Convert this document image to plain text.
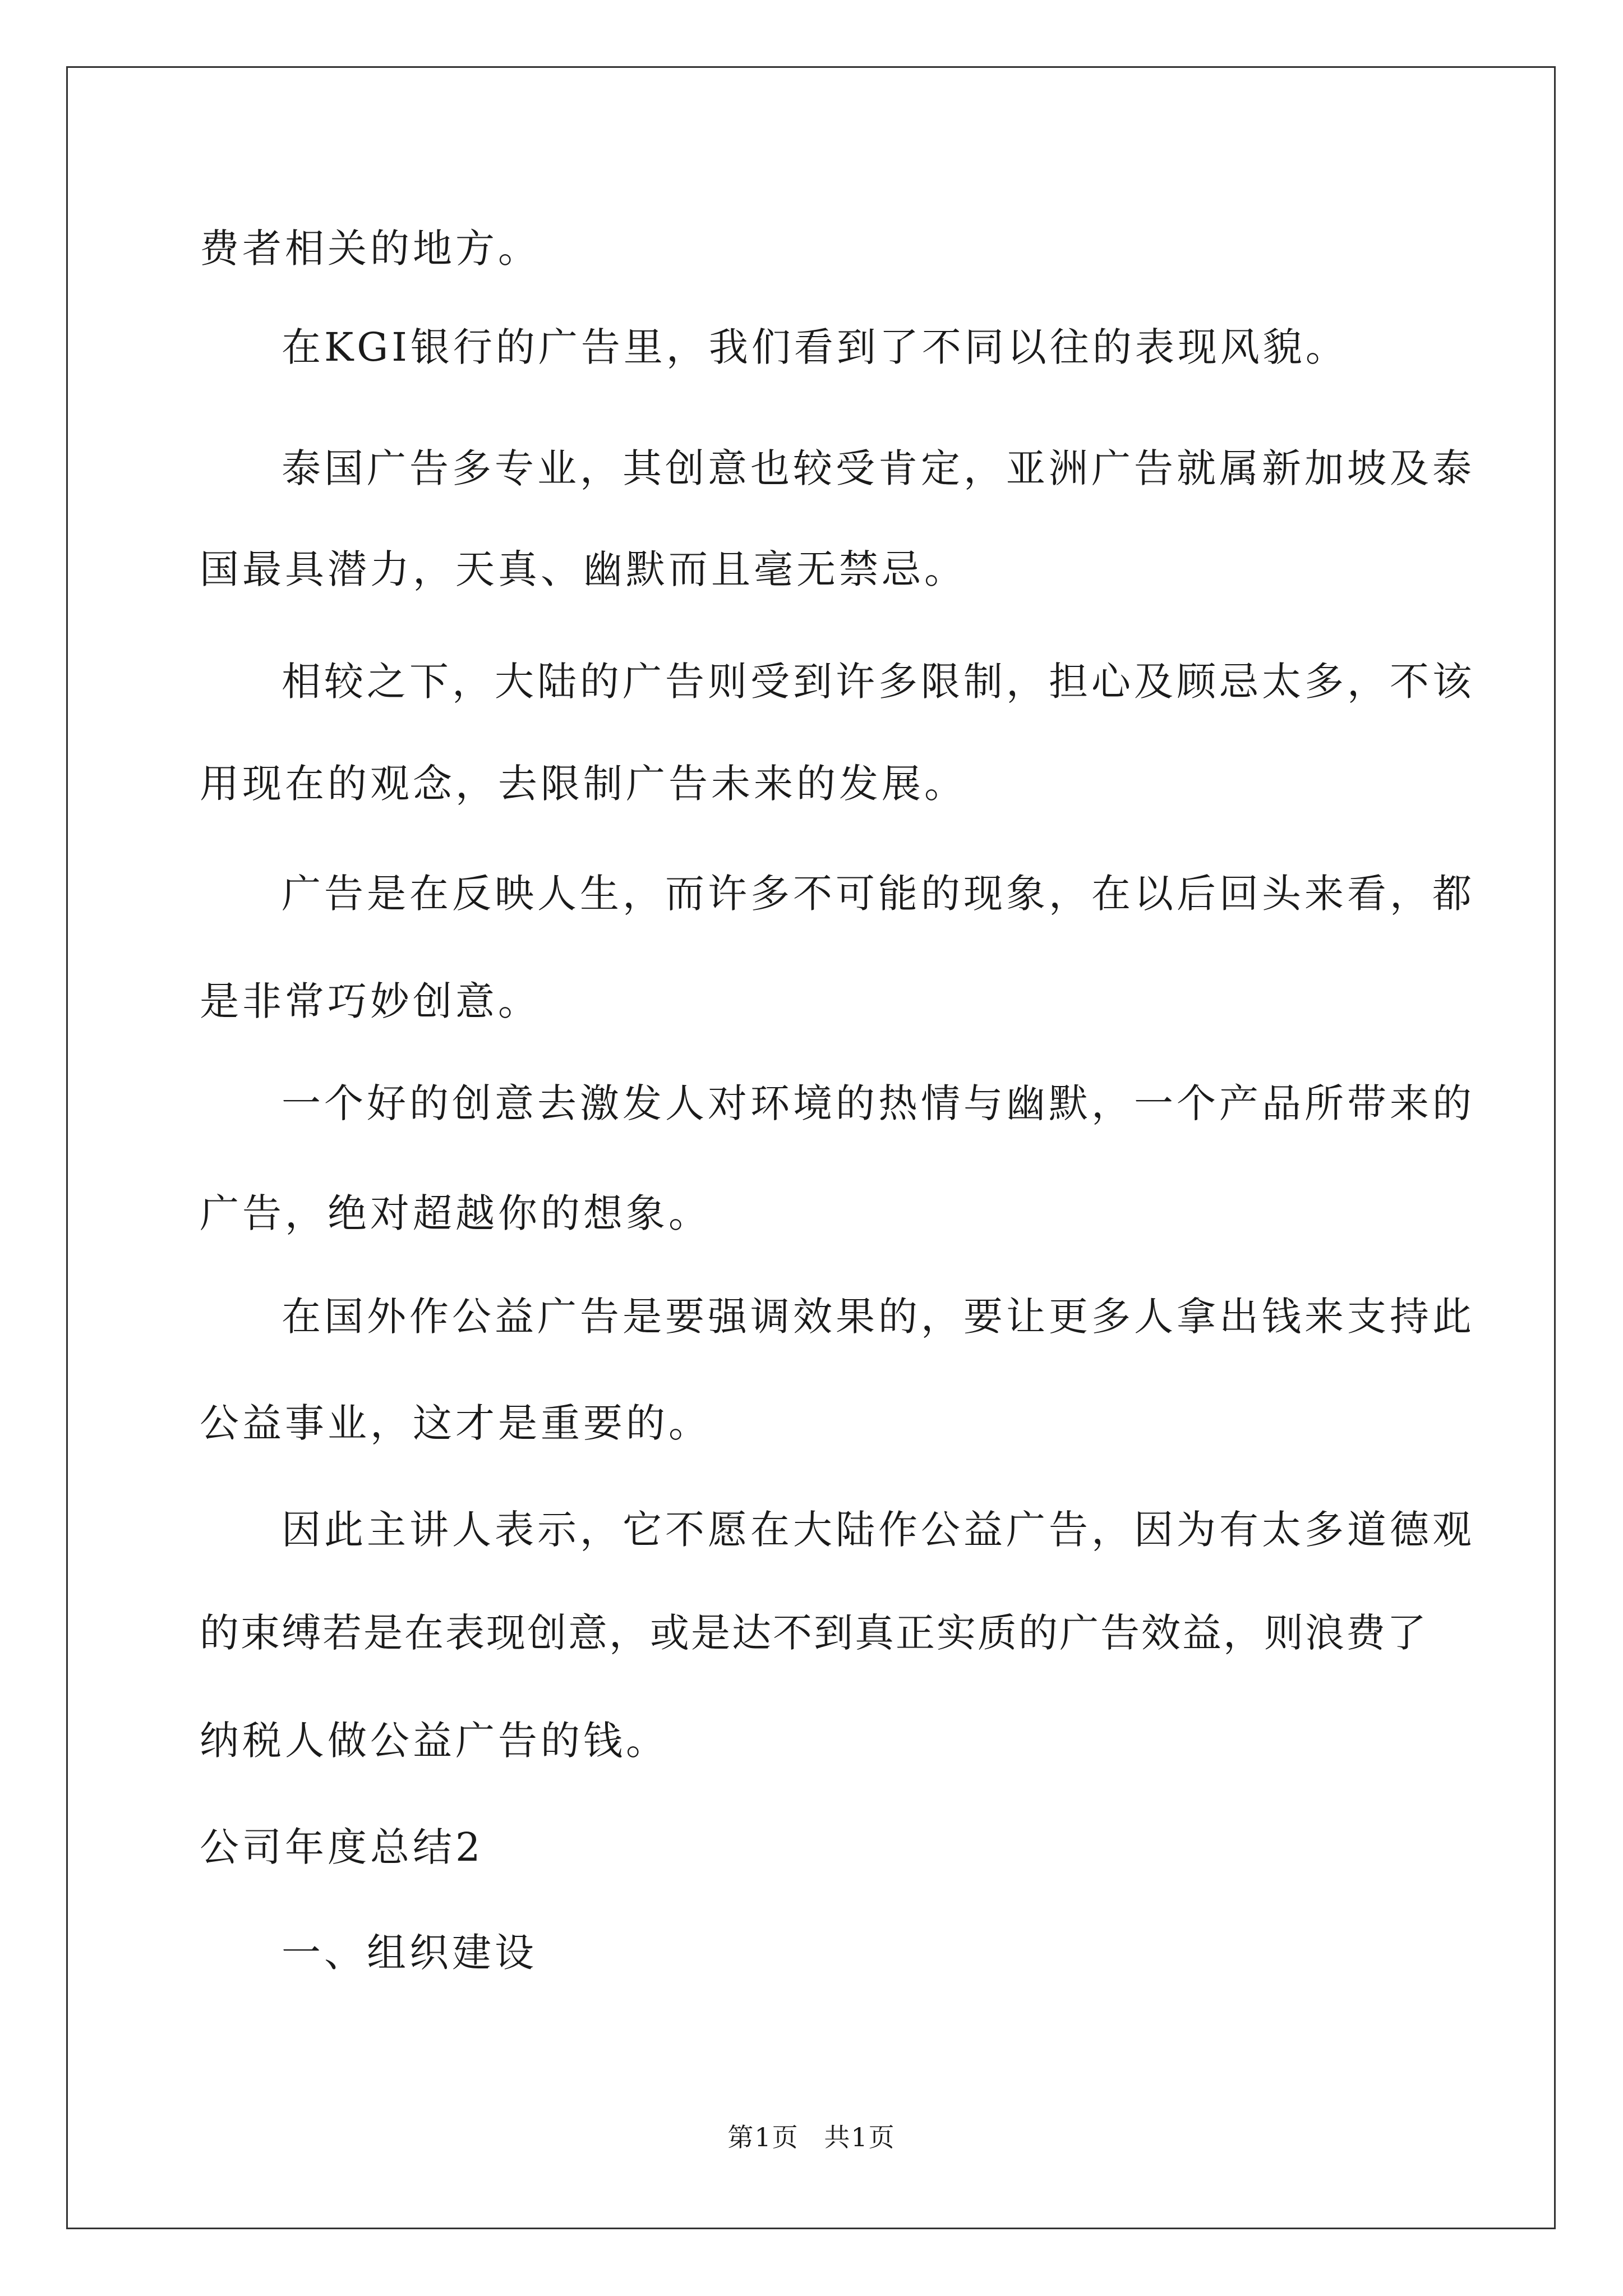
费者相关的地方。
在KGI银行的广告里，我们看到了不同以往的表现风貌。
泰国广告多专业，其创意也较受肯定，亚洲广告就属新加坡及泰
国最具潜力，天真、幽默而且毫无禁忌。
相较之下，大陆的广告则受到许多限制，担心及顾忌太多，不该
用现在的观念，去限制广告未来的发展。
广告是在反映人生，而许多不可能的现象，在以后回头来看，都
是非常巧妙创意。
一个好的创意去激发人对环境的热情与幽默，一个产品所带来的
广告，绝对超越你的想象。
在国外作公益广告是要强调效果的，要让更多人拿出钱来支持此
公益事业，这才是重要的。
因此主讲人表示，它不愿在大陆作公益广告，因为有太多道德观
的束缚若是在表现创意，或是达不到真正实质的广告效益，则浪费了
纳税人做公益广告的钱。
公司年度总结2
一、组织建设
第1页 共1页
